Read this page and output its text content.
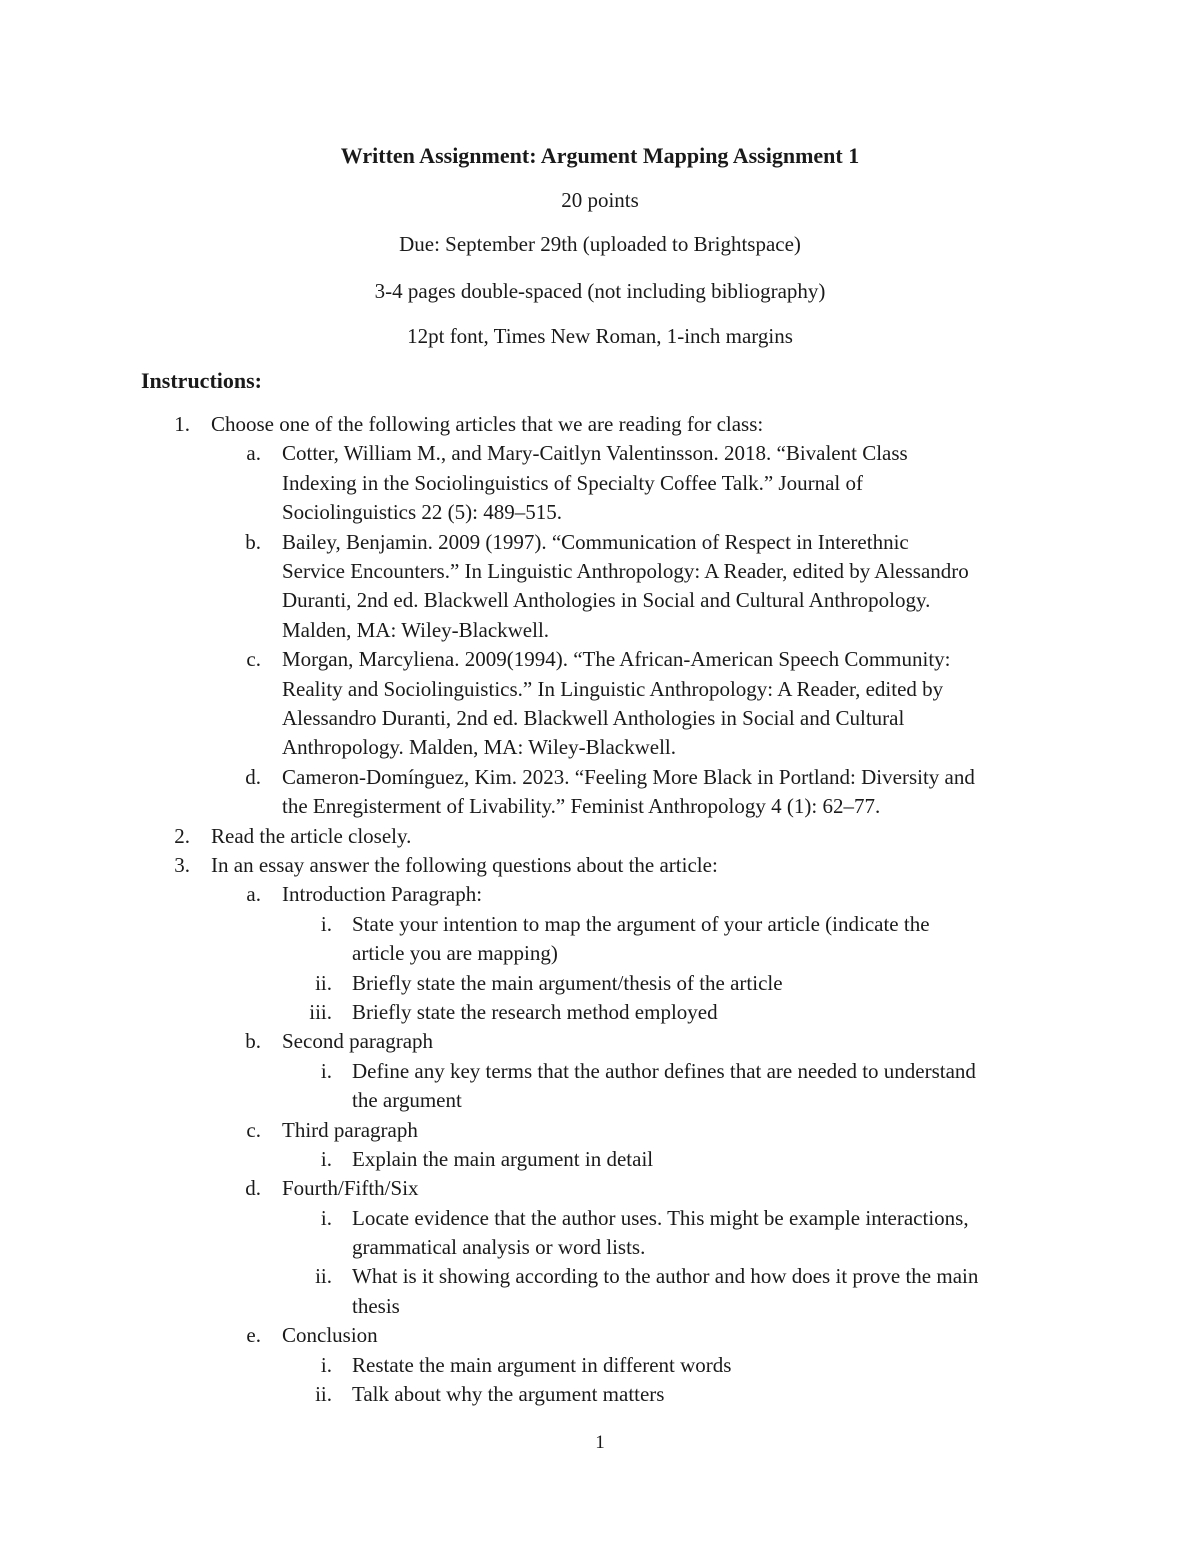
Written Assignment: Argument Mapping Assignment 1
20 points
Due: September 29th (uploaded to Brightspace)
3-4 pages double-spaced (not including bibliography)
12pt font, Times New Roman, 1-inch margins
Instructions:
1. Choose one of the following articles that we are reading for class:
a. Cotter, William M., and Mary-Caitlyn Valentinsson. 2018. “Bivalent Class
Indexing in the Sociolinguistics of Specialty Coffee Talk.” Journal of
Sociolinguistics 22 (5): 489–515.
b. Bailey, Benjamin. 2009 (1997). “Communication of Respect in Interethnic
Service Encounters.” In Linguistic Anthropology: A Reader, edited by Alessandro
Duranti, 2nd ed. Blackwell Anthologies in Social and Cultural Anthropology.
Malden, MA: Wiley-Blackwell.
c. Morgan, Marcyliena. 2009(1994). “The African-American Speech Community:
Reality and Sociolinguistics.” In Linguistic Anthropology: A Reader, edited by
Alessandro Duranti, 2nd ed. Blackwell Anthologies in Social and Cultural
Anthropology. Malden, MA: Wiley-Blackwell.
d. Cameron-Domínguez, Kim. 2023. “Feeling More Black in Portland: Diversity and
the Enregisterment of Livability.” Feminist Anthropology 4 (1): 62–77.
2. Read the article closely.
3. In an essay answer the following questions about the article:
a. Introduction Paragraph:
i. State your intention to map the argument of your article (indicate the
article you are mapping)
ii. Briefly state the main argument/thesis of the article
iii. Briefly state the research method employed
b. Second paragraph
i. Define any key terms that the author defines that are needed to understand
the argument
c. Third paragraph
i. Explain the main argument in detail
d. Fourth/Fifth/Six
i. Locate evidence that the author uses. This might be example interactions,
grammatical analysis or word lists.
ii. What is it showing according to the author and how does it prove the main
thesis
e. Conclusion
i. Restate the main argument in different words
ii. Talk about why the argument matters
1
